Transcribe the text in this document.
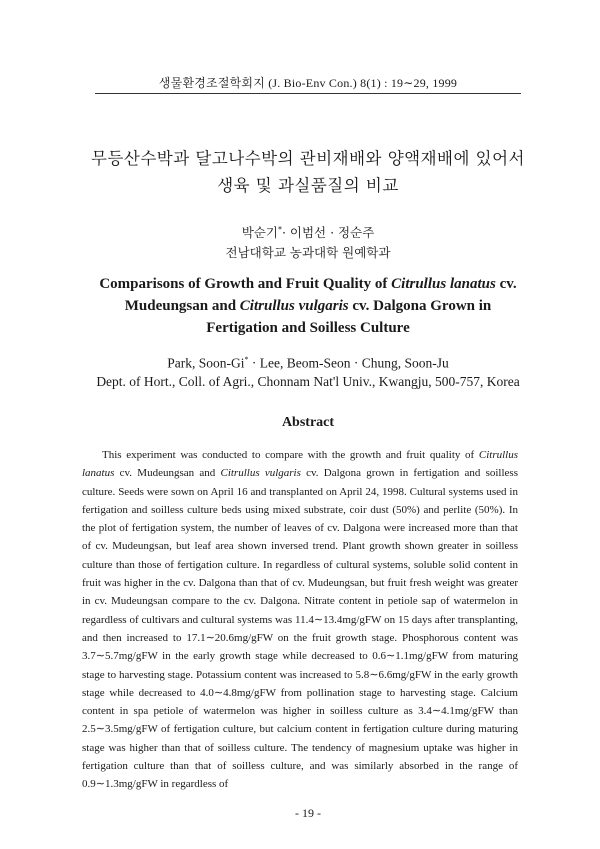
생물환경조절학회지 (J. Bio-Env Con.) 8(1) : 19∼29, 1999
무등산수박과 달고나수박의 관비재배와 양액재배에 있어서
생육 및 과실품질의 비교
박순기*· 이범선 · 정순주
전남대학교 농과대학 원예학과
Comparisons of Growth and Fruit Quality of Citrullus lanatus cv.
Mudeungsan and Citrullus vulgaris cv. Dalgona Grown in
Fertigation and Soilless Culture
Park, Soon-Gi* · Lee, Beom-Seon · Chung, Soon-Ju
Dept. of Hort., Coll. of Agri., Chonnam Nat'l Univ., Kwangju, 500-757, Korea
Abstract

This experiment was conducted to compare with the growth and fruit quality of Citrullus lanatus cv. Mudeungsan and Citrullus vulgaris cv. Dalgona grown in fertigation and soilless culture. Seeds were sown on April 16 and transplanted on April 24, 1998. Cultural systems used in fertigation and soilless culture beds using mixed substrate, coir dust (50%) and perlite (50%). In the plot of fertigation system, the number of leaves of cv. Dalgona were increased more than that of cv. Mudeungsan, but leaf area shown inversed trend. Plant growth shown greater in soilless culture than those of fertigation culture. In regardless of cultural systems, soluble solid content in fruit was higher in the cv. Dalgona than that of cv. Mudeungsan, but fruit fresh weight was greater in cv. Mudeungsan compare to the cv. Dalgona. Nitrate content in petiole sap of watermelon in regardless of cultivars and cultural systems was 11.4∼13.4mg/gFW on 15 days after transplanting, and then increased to 17.1∼20.6mg/gFW on the fruit growth stage. Phosphorous content was 3.7∼5.7mg/gFW in the early growth stage while decreased to 0.6∼1.1mg/gFW from maturing stage to harvesting stage. Potassium content was increased to 5.8∼6.6mg/gFW in the early growth stage while decreased to 4.0∼4.8mg/gFW from pollination stage to harvesting stage. Calcium content in spa petiole of watermelon was higher in soilless culture as 3.4∼4.1mg/gFW than 2.5∼3.5mg/gFW of fertigation culture, but calcium content in fertigation culture during maturing stage was higher than that of soilless culture. The tendency of magnesium uptake was higher in fertigation culture than that of soilless culture, and was similarly absorbed in the range of 0.9∼1.3mg/gFW in regardless of

- 19 -
